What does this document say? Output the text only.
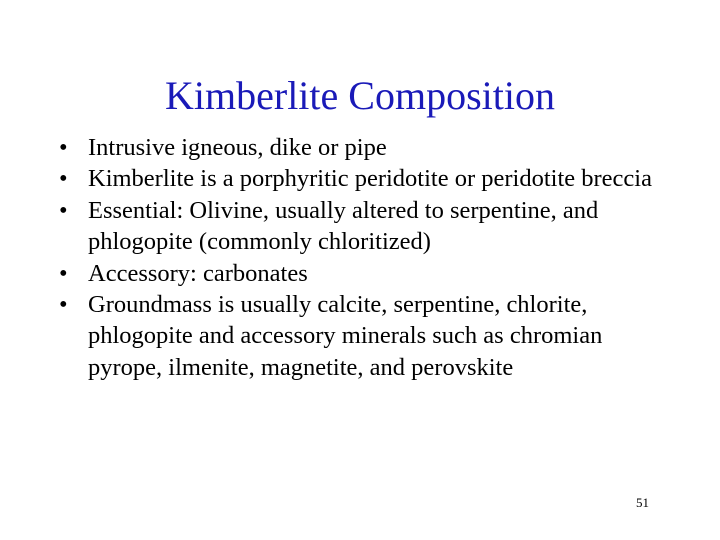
Kimberlite Composition
• Intrusive igneous, dike or pipe
• Kimberlite is a porphyritic peridotite or peridotite breccia
• Essential: Olivine, usually altered to serpentine, and phlogopite (commonly chloritized)
• Accessory: carbonates
• Groundmass is usually calcite, serpentine, chlorite, phlogopite and accessory minerals such as chromian pyrope, ilmenite, magnetite, and perovskite
51
